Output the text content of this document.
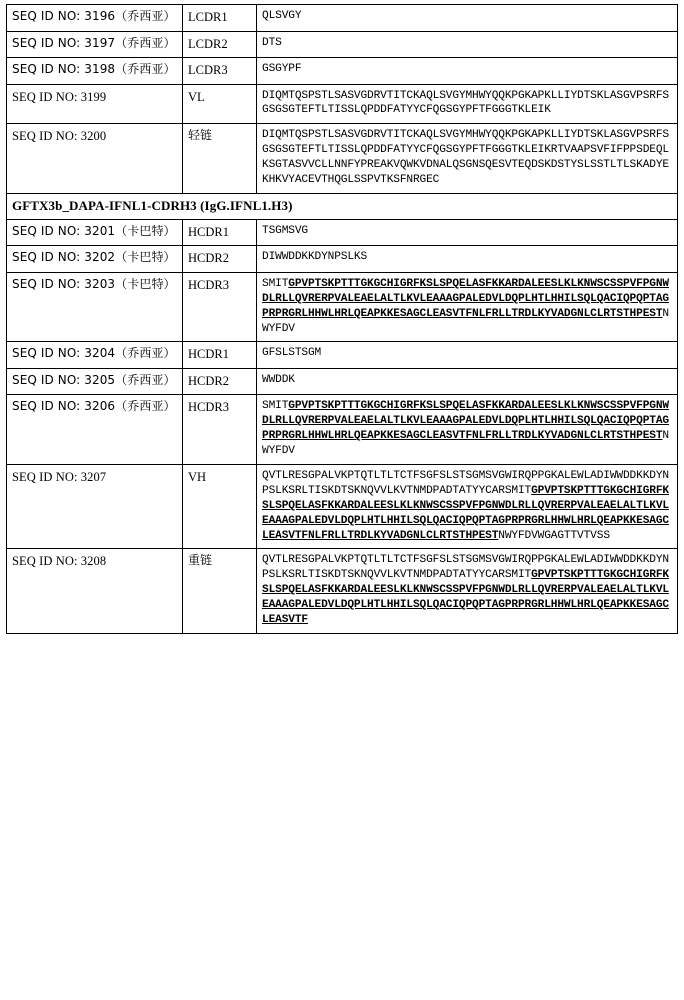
SEQ ID NO: 3196（乔西亚）	LCDR1	QLSVGY
SEQ ID NO: 3197（乔西亚）	LCDR2	DTS
SEQ ID NO: 3198（乔西亚）	LCDR3	GSGYPF
SEQ ID NO: 3199	VL	DIQMTQSPSTLSASVGDRVTITCKAQLSVGYMHWYQQKPGKAPKLLIYDTSKLASGVPSRFSGSGSGTEFTLTISSLQPDDFATYYCFQGSGYPFTFGGGTKLEIK
SEQ ID NO: 3200	轻链	DIQMTQSPSTLSASVGDRVTITCKAQLSVGYMHWYQQKPGKAPKLLIYDTSKLASGVPSRFSGSGSGTEFTLTISSLQPDDFATYYCFQGSGYPFTFGGGTKLEIKRTVAAPSVFIFPPSDEQLKSGTASVVCLLNNFYPREAKVQWKVDNALQSGNSQESVTEQDSKDSTYSLSSTLTLSKADYEKHKVYACEVTHQGLSSPVTKSFNRGEC
GFTX3b_DAPA-IFNL1-CDRH3 (IgG.IFNL1.H3)		
SEQ ID NO: 3201（卡巴特）	HCDR1	TSGMSVG
SEQ ID NO: 3202（卡巴特）	HCDR2	DIWWDDKKDYNPSLKS
SEQ ID NO: 3203（卡巴特）	HCDR3	SMITGPVPTSKPTTTGKGCHIGRFKSLSPQELASFKKARDALEESLKLKNWSCSSPVFPGNWDLRLLQVRERPVALEAELALTLKVLEAAAGPALEDVLDQPLHTLHHILSQLQACIQPQPTAGPRPRGRLHHWLHRLQEAPKKESAGCLEASVTFNLFRLLTRDLKYVADGNLCLRTSTHPESTNWYFDV
SEQ ID NO: 3204（乔西亚）	HCDR1	GFSLSTSGM
SEQ ID NO: 3205（乔西亚）	HCDR2	WWDDK
SEQ ID NO: 3206（乔西亚）	HCDR3	SMITGPVPTSKPTTTGKGCHIGRFKSLSPQELASFKKARDALEESLKLKNWSCSSPVFPGNWDLRLLQVRERPVALEAELALTLKVLEAAAGPALEDVLDQPLHTLHHILSQLQACIQPQPTAGPRPRGRLHHWLHRLQEAPKKESAGCLEASVTFNLFRLLTRDLKYVADGNLCLRTSTHPESTNWYFDV
SEQ ID NO: 3207	VH	QVTLRESGPALVKPTQTLTLTCTFSGFSLSTSGMSVGWIRQPPGKALEWLADIWWDDKKDYNPSLKSRLTISKDTSKNQVVLKVTNMDPADTATYYCARSMITGPVPTSKPTTTGKGCHIGRFKSLSPQELASFKKARDALEESLKLKNWSCSSPVFPGNWDLRLLQVRERPVALEAELALTLKVLEAAAGPALEDVLDQPLHTLHHILSQLQACIQPQPTAGPRPRGRLHHWLHRLQEAPKKESAGCLEASVTFNLFRLLTRDLKYVADGNLCLRTSTHPESTNWYFDVWGAGTTVTVSS
SEQ ID NO: 3208	重链	QVTLRESGPALVKPTQTLTLTCTFSGFSLSTSGMSVGWIRQPPGKALEWLADIWWDDKKDYNPSLKSRLTISKDTSKNQVVLKVTNMDPADTATYYCARSMITGPVPTSKPTTTGKGCHIGRFKSLSPQELASFKKARDALEESLKLKNWSCSSPVFPGNWDLRLLQVRERPVALEAELALTLKVLEAAAGPALEDVLDQPLHTLHHILSQLQACIQPQPTAGPRPRGRLHHWLHRLQEAPKKESAGCLEASVTF
